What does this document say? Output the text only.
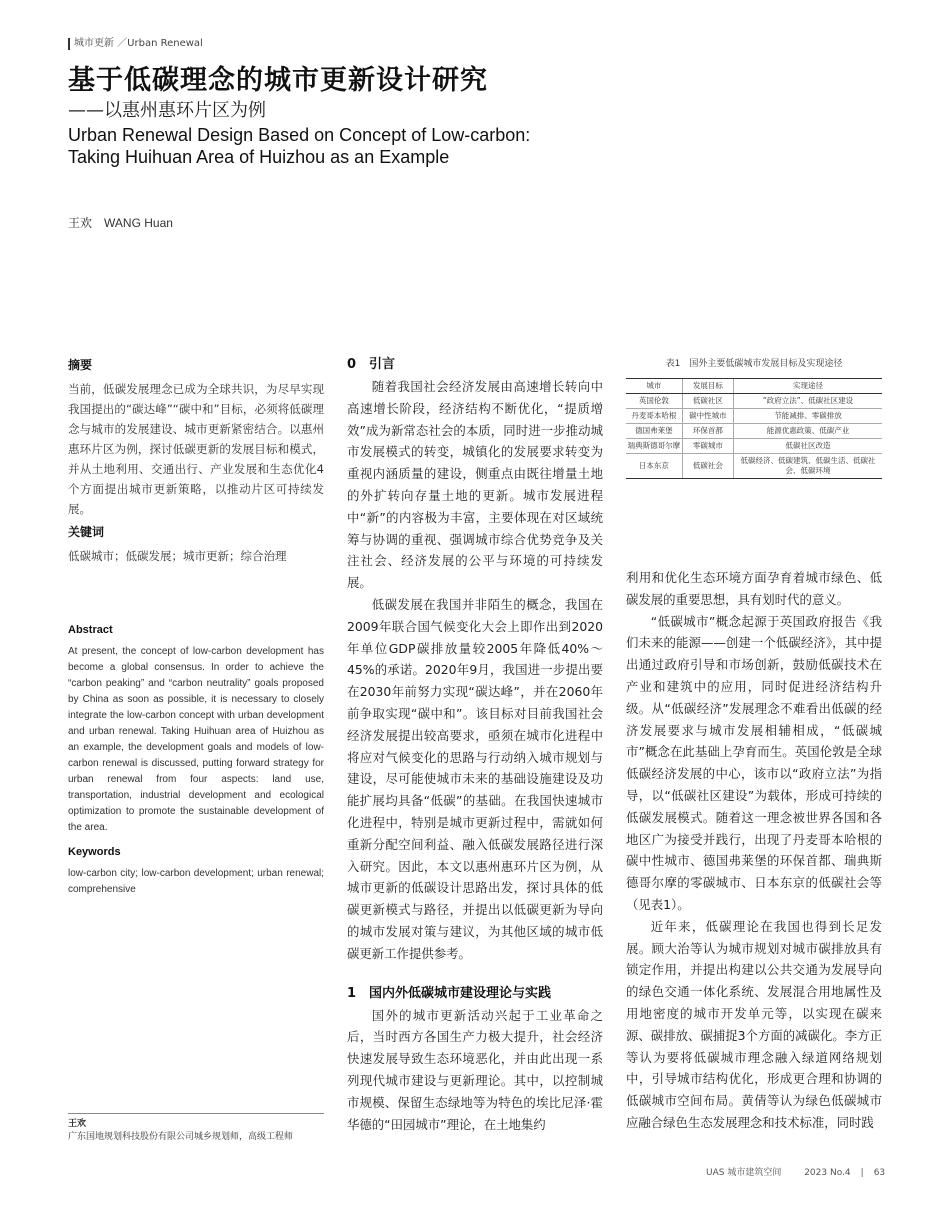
城市更新 ／Urban Renewal
基于低碳理念的城市更新设计研究
——以惠州惠环片区为例
Urban Renewal Design Based on Concept of Low-carbon: Taking Huihuan Area of Huizhou as an Example
王欢 WANG Huan
摘要

当前，低碳发展理念已成为全球共识，为尽早实现我国提出的“碳达峰”“碳中和”目标，必须将低碳理念与城市的发展建设、城市更新紧密结合。以惠州惠环片区为例，探讨低碳更新的发展目标和模式，并从土地利用、交通出行、产业发展和生态优化4个方面提出城市更新策略，以推动片区可持续发展。

关键词

低碳城市；低碳发展；城市更新；综合治理

Abstract

At present, the concept of low-carbon development has become a global consensus. In order to achieve the “carbon peaking” and “carbon neutrality” goals proposed by China as soon as possible, it is necessary to closely integrate the low-carbon concept with urban development and urban renewal. Taking Huihuan area of Huizhou as an example, the development goals and models of low-carbon renewal is discussed, putting forward strategy for urban renewal from four aspects: land use, transportation, industrial development and ecological optimization to promote the sustainable development of the area.

Keywords

low-carbon city; low-carbon development; urban renewal; comprehensive

王欢
广东国地规划科技股份有限公司城乡规划师，高级工程师
0　引言

随着我国社会经济发展由高速增长转向中高速增长阶段，经济结构不断优化，“提质增效”成为新常态社会的本质，同时进一步推动城市发展模式的转变，城镇化的发展要求转变为重视内涵质量的建设，侧重点由既往增量土地的外扩转向存量土地的更新。城市发展进程中“新”的内容极为丰富，主要体现在对区域统筹与协调的重视、强调城市综合优势竞争及关注社会、经济发展的公平与环境的可持续发展。

低碳发展在我国并非陌生的概念，我国在2009年联合国气候变化大会上即作出到2020年单位GDP碳排放量较2005年降低40%～45%的承诺。2020年9月，我国进一步提出要在2030年前努力实现“碳达峰”，并在2060年前争取实现“碳中和”。该目标对目前我国社会经济发展提出较高要求，亟须在城市化进程中将应对气候变化的思路与行动纳入城市规划与建设，尽可能使城市未来的基础设施建设及功能扩展均具备“低碳”的基础。在我国快速城市化进程中，特别是城市更新过程中，需就如何重新分配空间利益、融入低碳发展路径进行深入研究。因此，本文以惠州惠环片区为例，从城市更新的低碳设计思路出发，探讨具体的低碳更新模式与路径，并提出以低碳更新为导向的城市发展对策与建议，为其他区域的城市低碳更新工作提供参考。

1　国内外低碳城市建设理论与实践

国外的城市更新活动兴起于工业革命之后，当时西方各国生产力极大提升，社会经济快速发展导致生态环境恶化，并由此出现一系列现代城市建设与更新理论。其中，以控制城市规模、保留生态绿地等为特色的埃比尼泽·霍华德的“田园城市”理论，在土地集约

表1　国外主要低碳城市发展目标及实现途径
城市	发展目标	实现途径
英国伦敦	低碳社区	“政府立法”、低碳社区建设
丹麦哥本哈根	碳中性城市	节能减排、零碳排放
德国弗莱堡	环保首都	能源优惠政策、低碳产业
瑞典斯德哥尔摩	零碳城市	低碳社区改造
日本东京	低碳社会	低碳经济、低碳建筑、低碳生活、低碳社会、低碳环境

利用和优化生态环境方面孕育着城市绿色、低碳发展的重要思想，具有划时代的意义。

“低碳城市”概念起源于英国政府报告《我们未来的能源——创建一个低碳经济》，其中提出通过政府引导和市场创新，鼓励低碳技术在产业和建筑中的应用，同时促进经济结构升级。从“低碳经济”发展理念不难看出低碳的经济发展要求与城市发展相辅相成，“低碳城市”概念在此基础上孕育而生。英国伦敦是全球低碳经济发展的中心，该市以“政府立法”为指导，以“低碳社区建设”为载体，形成可持续的低碳发展模式。随着这一理念被世界各国和各地区广为接受并践行，出现了丹麦哥本哈根的碳中性城市、德国弗莱堡的环保首都、瑞典斯德哥尔摩的零碳城市、日本东京的低碳社会等（见表1）。

近年来，低碳理论在我国也得到长足发展。顾大治等认为城市规划对城市碳排放具有锁定作用，并提出构建以公共交通为发展导向的绿色交通一体化系统、发展混合用地属性及用地密度的城市开发单元等，以实现在碳来源、碳排放、碳捕捉3个方面的减碳化。李方正等认为要将低碳城市理念融入绿道网络规划中，引导城市结构优化，形成更合理和协调的低碳城市空间布局。黄倩等认为绿色低碳城市应融合绿色生态发展理念和技术标准，同时践

UAS 城市建筑空间	2023 No.4 | 63
